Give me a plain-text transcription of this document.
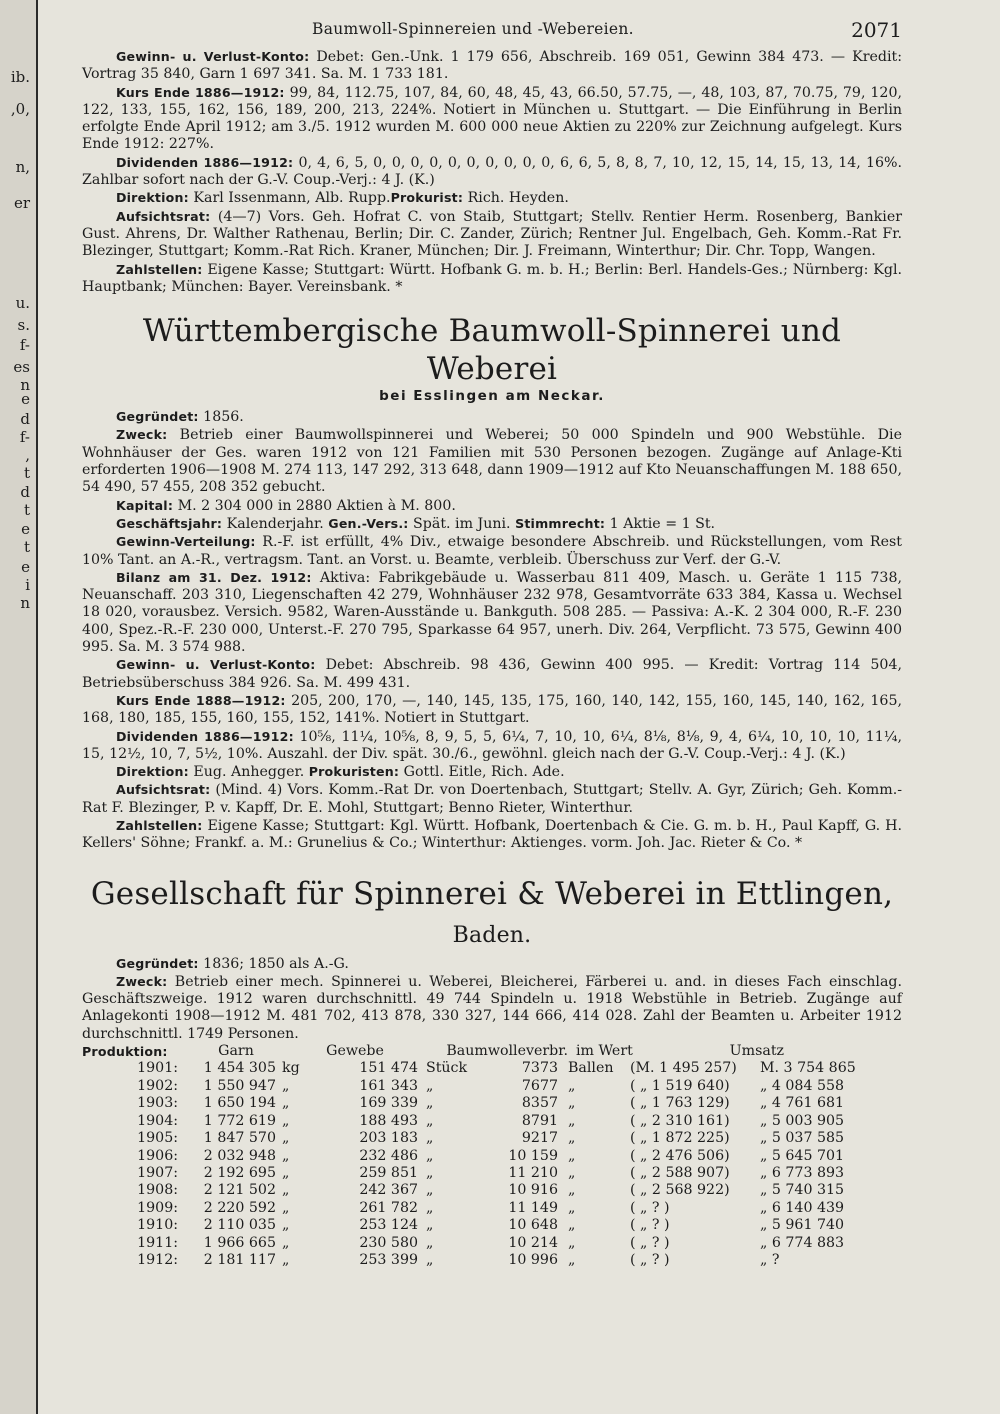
ib.
,0,
n,
er
u.
s.
f-
es
n
e
d
f-
,
t
d
t
e
t
e
i
n
Baumwoll-Spinnereien und -Webereien.	2071

Gewinn- u. Verlust-Konto: Debet: Gen.-Unk. 1 179 656, Abschreib. 169 051, Gewinn 384 473. — Kredit: Vortrag 35 840, Garn 1 697 341. Sa. M. 1 733 181.

Kurs Ende 1886—1912: 99, 84, 112.75, 107, 84, 60, 48, 45, 43, 66.50, 57.75, —, 48, 103, 87, 70.75, 79, 120, 122, 133, 155, 162, 156, 189, 200, 213, 224%. Notiert in München u. Stuttgart. — Die Einführung in Berlin erfolgte Ende April 1912; am 3./5. 1912 wurden M. 600 000 neue Aktien zu 220% zur Zeichnung aufgelegt. Kurs Ende 1912: 227%.

Dividenden 1886—1912: 0, 4, 6, 5, 0, 0, 0, 0, 0, 0, 0, 0, 0, 0, 6, 6, 5, 8, 8, 7, 10, 12, 15, 14, 15, 13, 14, 16%. Zahlbar sofort nach der G.-V. Coup.-Verj.: 4 J. (K.)

Direktion: Karl Issenmann, Alb. Rupp.Prokurist: Rich. Heyden.

Aufsichtsrat: (4—7) Vors. Geh. Hofrat C. von Staib, Stuttgart; Stellv. Rentier Herm. Rosenberg, Bankier Gust. Ahrens, Dr. Walther Rathenau, Berlin; Dir. C. Zander, Zürich; Rentner Jul. Engelbach, Geh. Komm.-Rat Fr. Blezinger, Stuttgart; Komm.-Rat Rich. Kraner, München; Dir. J. Freimann, Winterthur; Dir. Chr. Topp, Wangen.

Zahlstellen: Eigene Kasse; Stuttgart: Württ. Hofbank G. m. b. H.; Berlin: Berl. Handels-Ges.; Nürnberg: Kgl. Hauptbank; München: Bayer. Vereinsbank. *

Württembergische Baumwoll-Spinnerei und Weberei
bei Esslingen am Neckar.

Gegründet: 1856.

Zweck: Betrieb einer Baumwollspinnerei und Weberei; 50 000 Spindeln und 900 Webstühle. Die Wohnhäuser der Ges. waren 1912 von 121 Familien mit 530 Personen bezogen. Zugänge auf Anlage-Kti erforderten 1906—1908 M. 274 113, 147 292, 313 648, dann 1909—1912 auf Kto Neuanschaffungen M. 188 650, 54 490, 57 455, 208 352 gebucht.

Kapital: M. 2 304 000 in 2880 Aktien à M. 800.

Geschäftsjahr: Kalenderjahr. Gen.-Vers.: Spät. im Juni. Stimmrecht: 1 Aktie = 1 St.

Gewinn-Verteilung: R.-F. ist erfüllt, 4% Div., etwaige besondere Abschreib. und Rückstellungen, vom Rest 10% Tant. an A.-R., vertragsm. Tant. an Vorst. u. Beamte, verbleib. Überschuss zur Verf. der G.-V.

Bilanz am 31. Dez. 1912: Aktiva: Fabrikgebäude u. Wasserbau 811 409, Masch. u. Geräte 1 115 738, Neuanschaff. 203 310, Liegenschaften 42 279, Wohnhäuser 232 978, Gesamtvorräte 633 384, Kassa u. Wechsel 18 020, vorausbez. Versich. 9582, Waren-Ausstände u. Bankguth. 508 285. — Passiva: A.-K. 2 304 000, R.-F. 230 400, Spez.-R.-F. 230 000, Unterst.-F. 270 795, Sparkasse 64 957, unerh. Div. 264, Verpflicht. 73 575, Gewinn 400 995. Sa. M. 3 574 988.

Gewinn- u. Verlust-Konto: Debet: Abschreib. 98 436, Gewinn 400 995. — Kredit: Vortrag 114 504, Betriebsüberschuss 384 926. Sa. M. 499 431.

Kurs Ende 1888—1912: 205, 200, 170, —, 140, 145, 135, 175, 160, 140, 142, 155, 160, 145, 140, 162, 165, 168, 180, 185, 155, 160, 155, 152, 141%. Notiert in Stuttgart.

Dividenden 1886—1912: 10⅝, 11¼, 10⅝, 8, 9, 5, 5, 6¼, 7, 10, 10, 6¼, 8⅛, 8⅛, 9, 4, 6¼, 10, 10, 10, 11¼, 15, 12½, 10, 7, 5½, 10%. Auszahl. der Div. spät. 30./6., gewöhnl. gleich nach der G.-V. Coup.-Verj.: 4 J. (K.)

Direktion: Eug. Anhegger. Prokuristen: Gottl. Eitle, Rich. Ade.

Aufsichtsrat: (Mind. 4) Vors. Komm.-Rat Dr. von Doertenbach, Stuttgart; Stellv. A. Gyr, Zürich; Geh. Komm.-Rat F. Blezinger, P. v. Kapff, Dr. E. Mohl, Stuttgart; Benno Rieter, Winterthur.

Zahlstellen: Eigene Kasse; Stuttgart: Kgl. Württ. Hofbank, Doertenbach & Cie. G. m. b. H., Paul Kapff, G. H. Kellers' Söhne; Frankf. a. M.: Grunelius & Co.; Winterthur: Aktienges. vorm. Joh. Jac. Rieter & Co. *

Gesellschaft für Spinnerei & Weberei in Ettlingen, Baden.

Gegründet: 1836; 1850 als A.-G.

Zweck: Betrieb einer mech. Spinnerei u. Weberei, Bleicherei, Färberei u. and. in dieses Fach einschlag. Geschäftszweige. 1912 waren durchschnittl. 49 744 Spindeln u. 1918 Webstühle in Betrieb. Zugänge auf Anlagekonti 1908—1912 M. 481 702, 413 878, 330 327, 144 666, 414 028. Zahl der Beamten u. Arbeiter 1912 durchschnittl. 1749 Personen.

Produktion:	Garn	Gewebe	Baumwolleverbr. im Wert	Umsatz
1901:	1 454 305 kg	151 474 Stück	7373 Ballen	(M. 1 495 257)	M. 3 754 865
1902:	1 550 947 „	161 343 „	7677 „	( „ 1 519 640)	„ 4 084 558
1903:	1 650 194 „	169 339 „	8357 „	( „ 1 763 129)	„ 4 761 681
1904:	1 772 619 „	188 493 „	8791 „	( „ 2 310 161)	„ 5 003 905
1905:	1 847 570 „	203 183 „	9217 „	( „ 1 872 225)	„ 5 037 585
1906:	2 032 948 „	232 486 „	10 159 „	( „ 2 476 506)	„ 5 645 701
1907:	2 192 695 „	259 851 „	11 210 „	( „ 2 588 907)	„ 6 773 893
1908:	2 121 502 „	242 367 „	10 916 „	( „ 2 568 922)	„ 5 740 315
1909:	2 220 592 „	261 782 „	11 149 „	( „ ? )	„ 6 140 439
1910:	2 110 035 „	253 124 „	10 648 „	( „ ? )	„ 5 961 740
1911:	1 966 665 „	230 580 „	10 214 „	( „ ? )	„ 6 774 883
1912:	2 181 117 „	253 399 „	10 996 „	( „ ? )	„ ?
